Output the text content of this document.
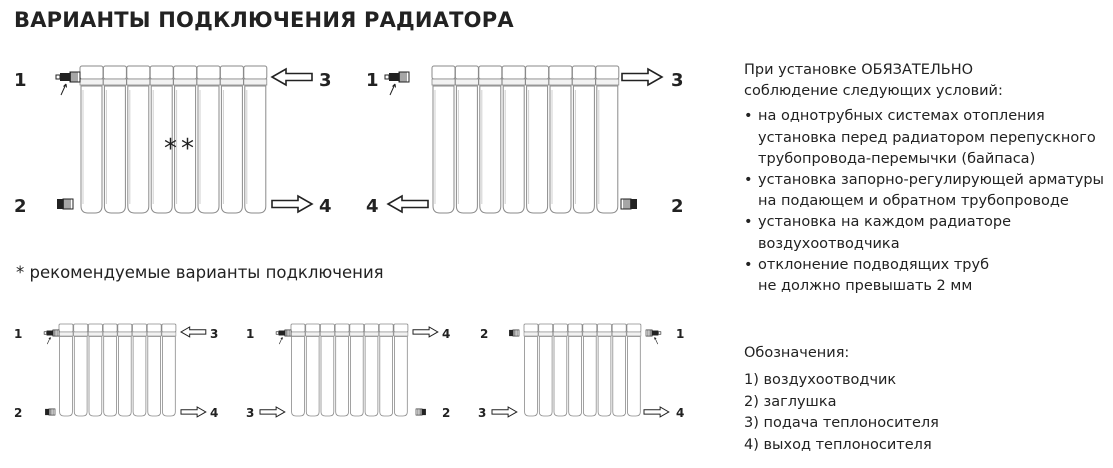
ВАРИАНТЫ ПОДКЛЮЧЕНИЯ РАДИАТОРА
1
2
3
4
**
1
4
3
2
1
2
3
4
1
3
4
2
2
3
1
4
* рекомендуемые варианты подключения
При установке ОБЯЗАТЕЛЬНО
соблюдение следующих условий:
• на однотрубных системах отопления
установка перед радиатором перепускного
трубопровода-перемычки (байпаса)
• установка запорно-регулирующей арматуры
на подающем и обратном трубопроводе
• установка на каждом радиаторе
воздухоотводчика
• отклонение подводящих труб
не должно превышать 2 мм
Обозначения:
1) воздухоотводчик
2) заглушка
3) подача теплоносителя
4) выход теплоносителя
